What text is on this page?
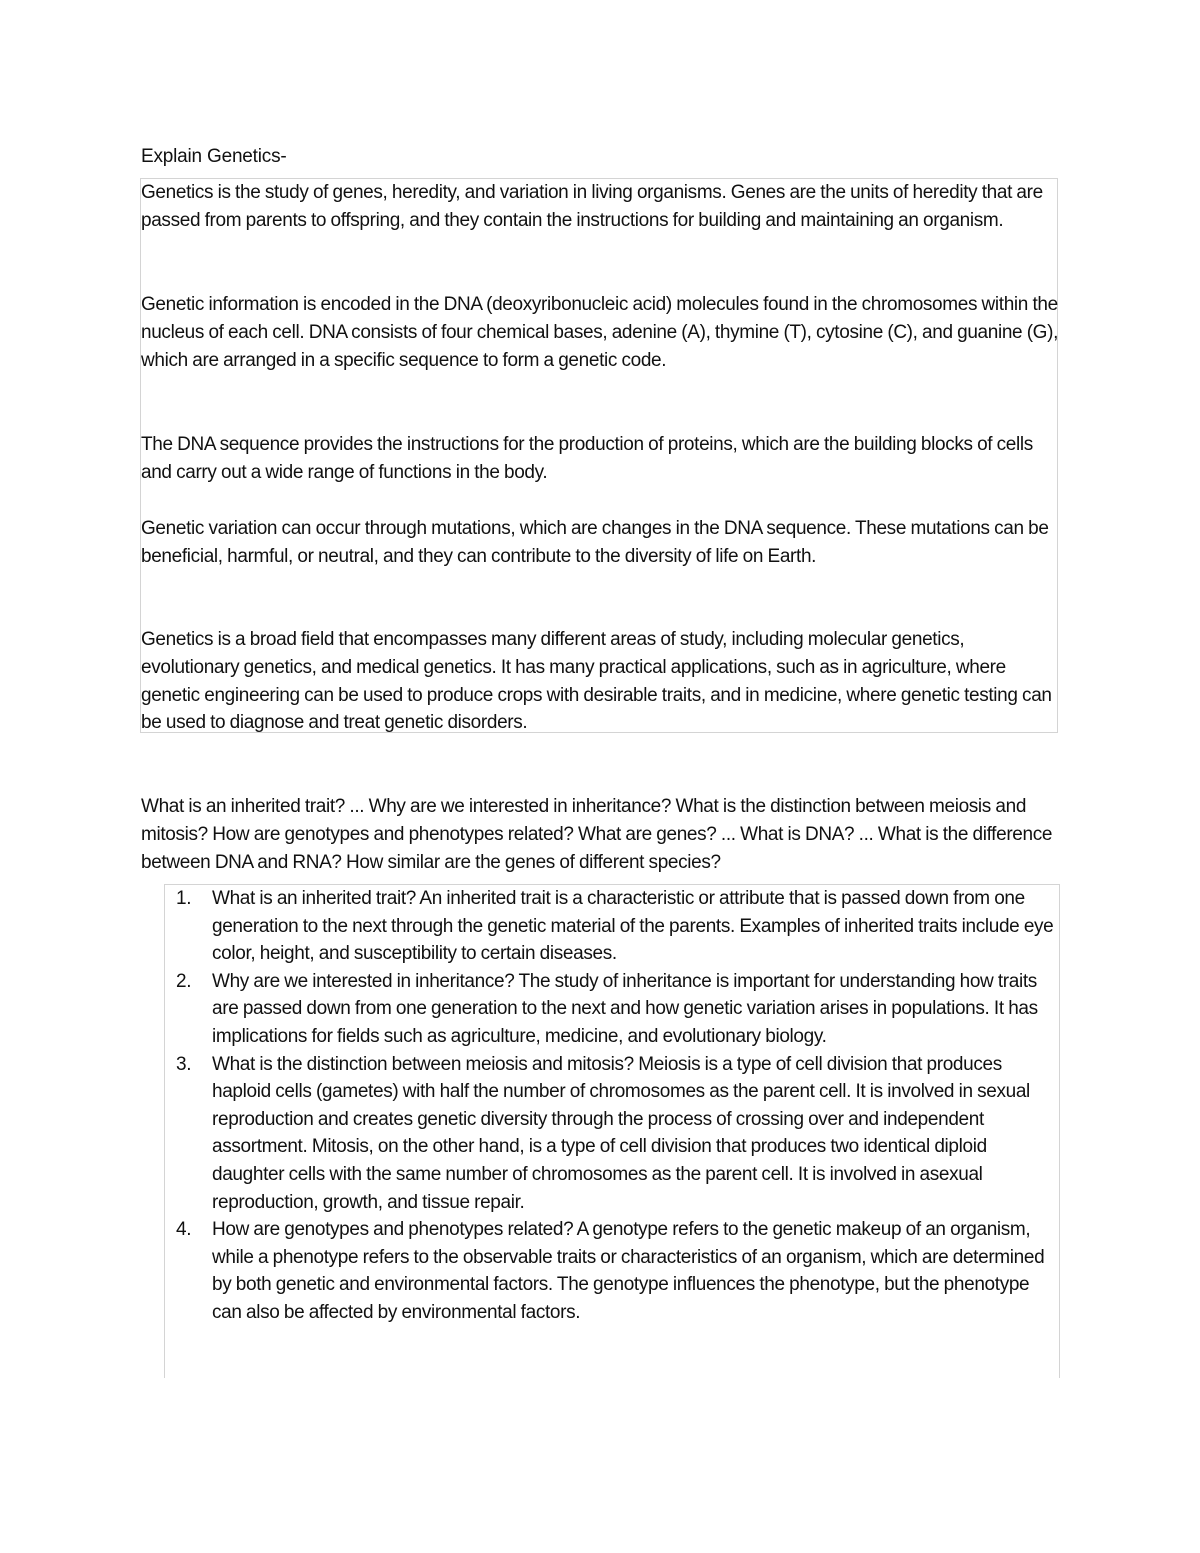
Explain Genetics-

Genetics is the study of genes, heredity, and variation in living organisms. Genes are the units of heredity that are passed from parents to offspring, and they contain the instructions for building and maintaining an organism.

Genetic information is encoded in the DNA (deoxyribonucleic acid) molecules found in the chromosomes within the nucleus of each cell. DNA consists of four chemical bases, adenine (A), thymine (T), cytosine (C), and guanine (G), which are arranged in a specific sequence to form a genetic code.

The DNA sequence provides the instructions for the production of proteins, which are the building blocks of cells and carry out a wide range of functions in the body.

Genetic variation can occur through mutations, which are changes in the DNA sequence. These mutations can be beneficial, harmful, or neutral, and they can contribute to the diversity of life on Earth.

Genetics is a broad field that encompasses many different areas of study, including molecular genetics, evolutionary genetics, and medical genetics. It has many practical applications, such as in agriculture, where genetic engineering can be used to produce crops with desirable traits, and in medicine, where genetic testing can be used to diagnose and treat genetic disorders.

What is an inherited trait? ... Why are we interested in inheritance? What is the distinction between meiosis and mitosis? How are genotypes and phenotypes related? What are genes? ... What is DNA? ... What is the difference between DNA and RNA? How similar are the genes of different species?

1. What is an inherited trait? An inherited trait is a characteristic or attribute that is passed down from one generation to the next through the genetic material of the parents. Examples of inherited traits include eye color, height, and susceptibility to certain diseases.
2. Why are we interested in inheritance? The study of inheritance is important for understanding how traits are passed down from one generation to the next and how genetic variation arises in populations. It has implications for fields such as agriculture, medicine, and evolutionary biology.
3. What is the distinction between meiosis and mitosis? Meiosis is a type of cell division that produces haploid cells (gametes) with half the number of chromosomes as the parent cell. It is involved in sexual reproduction and creates genetic diversity through the process of crossing over and independent assortment. Mitosis, on the other hand, is a type of cell division that produces two identical diploid daughter cells with the same number of chromosomes as the parent cell. It is involved in asexual reproduction, growth, and tissue repair.
4. How are genotypes and phenotypes related? A genotype refers to the genetic makeup of an organism, while a phenotype refers to the observable traits or characteristics of an organism, which are determined by both genetic and environmental factors. The genotype influences the phenotype, but the phenotype can also be affected by environmental factors.
